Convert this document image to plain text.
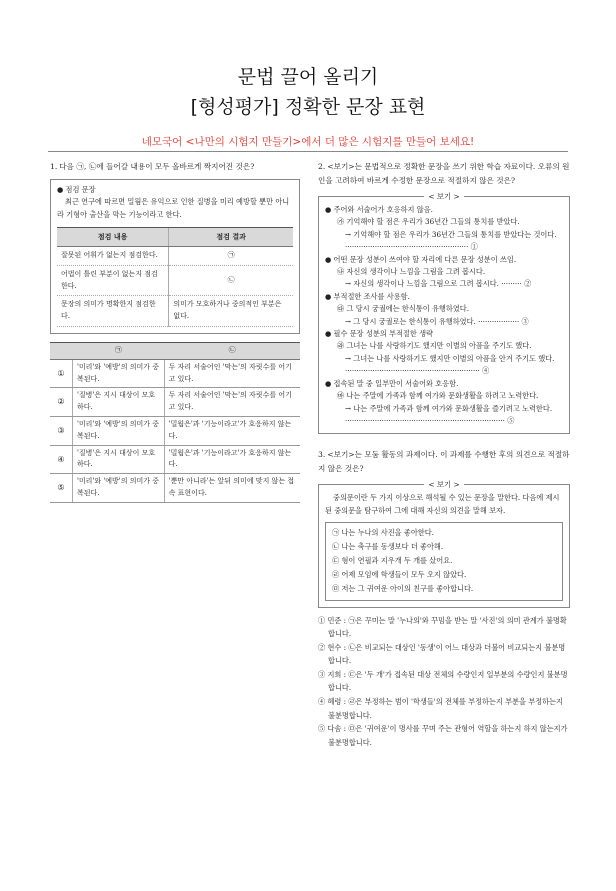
문법 끌어 올리기
[형성평가] 정확한 문장 표현
네모국어 <나만의 시험지 만들기>에서 더 많은 시험지를 만들어 보세요!
1. 다음 ㉠, ㉡에 들어갈 내용이 모두 올바르게 짝지어진 것은?
● 점검 문장

최근 연구에 따르면 밀웜은 유익으로 인한 질병을 미리 예방할 뿐만 아니라 기형아 출산을 막는 기능이라고 한다.

점검 내용	점검 결과
잘못된 어휘가 없는지 점검한다.	㉠
어법이 틀린 부분이 없는지 점검한다.	㉡
문장의 의미가 명확한지 점검한다.	의미가 모호하거나 중의적인 부분은 없다.
	㉠	㉡
①	'미리'와 '예방'의 의미가 중복된다.	두 자리 서술어인 '막는'의 자릿수를 어기고 있다.
②	'질병'은 지시 대상이 모호하다.	두 자리 서술어인 '막는'의 자릿수를 어기고 있다.
③	'미리'와 '예방'의 의미가 중복된다.	'밀웜은'과 '기능이라고'가 호응하지 않는다.
④	'질병'은 지시 대상이 모호하다.	'밀웜은'과 '기능이라고'가 호응하지 않는다.
⑤	'미리'와 '예방'의 의미가 중복된다.	'뿐만 아니라'는 앞뒤 의미에 맞지 않는 접속 표현이다.
2. <보기>는 문법적으로 정확한 문장을 쓰기 위한 학습 자료이다. 오류의 원인을 고려하여 바르게 수정한 문장으로 적절하지 않은 것은?
< 보기 >
● 주어와 서술어가 호응하지 않음.
㉮ 기억해야 할 점은 우리가 36년간 그들의 통치를 받았다.
→ 기억해야 할 점은 우리가 36년간 그들의 통치를 받았다는 것이다. ······················································ ①
● 어떤 문장 성분이 쓰여야 할 자리에 다른 문장 성분이 쓰임.
㉯ 자신의 생각이나 느낌을 그림을 그려 봅시다.
→ 자신의 생각이나 느낌을 그림으로 그려 봅시다. ········· ②
● 부적절한 조사를 사용함.
㉰ 그 당시 궁궐에는 한식통이 유행하였다.
→ 그 당시 궁궐로는 한식통이 유행하였다. ·················· ③
● 필수 문장 성분의 부적절한 생략
㉱ 그녀는 나를 사랑하기도 했지만 이별의 아픔을 주기도 했다.
→ 그녀는 나를 사랑하기도 했지만 이별의 아픔을 안겨 주기도 했다. ··························································· ④
● 접속된 말 중 일부만이 서술어와 호응함.
㉲ 나는 주말에 가족과 함께 여가와 문화생활을 하려고 노력한다.
→ 나는 주말에 가족과 함께 여가와 문화생활을 즐기려고 노력한다. ······································································ ⑤
3. <보기>는 모둠 활동의 과제이다. 이 과제를 수행한 후의 의견으로 적절하지 않은 것은?
< 보기 >

중의문이란 두 가지 이상으로 해석될 수 있는 문장을 말한다. 다음에 제시된 중의문을 탐구하여 그에 대해 자신의 의견을 말해 보자.

㉠ 나는 누나의 사진을 좋아한다.
㉡ 나는 축구를 동생보다 더 좋아해.
㉢ 형이 연필과 지우개 두 개를 샀어요.
㉣ 어제 모임에 학생들이 모두 오지 않았다.
㉤ 저는 그 귀여운 아이의 친구를 좋아합니다.
① 민준 : ㉠은 꾸미는 말 '누나의'와 꾸밈을 받는 말 '사진'의 의미 관계가 불명확합니다.
② 현수 : ㉡은 비교되는 대상인 '동생'이 어느 대상과 더불어 비교되는지 불분명합니다.
③ 지희 : ㉢은 '두 개'가 접속된 대상 전체의 수량인지 일부분의 수량인지 불분명합니다.
④ 혜령 : ㉣은 부정하는 범이 '학생들'의 전체를 부정하는지 부분을 부정하는지 불분명합니다.
⑤ 다솜 : ㉤은 '귀여운'이 명사를 꾸며 주는 관형어 역할을 하는지 하지 않는지가 불분명합니다.
